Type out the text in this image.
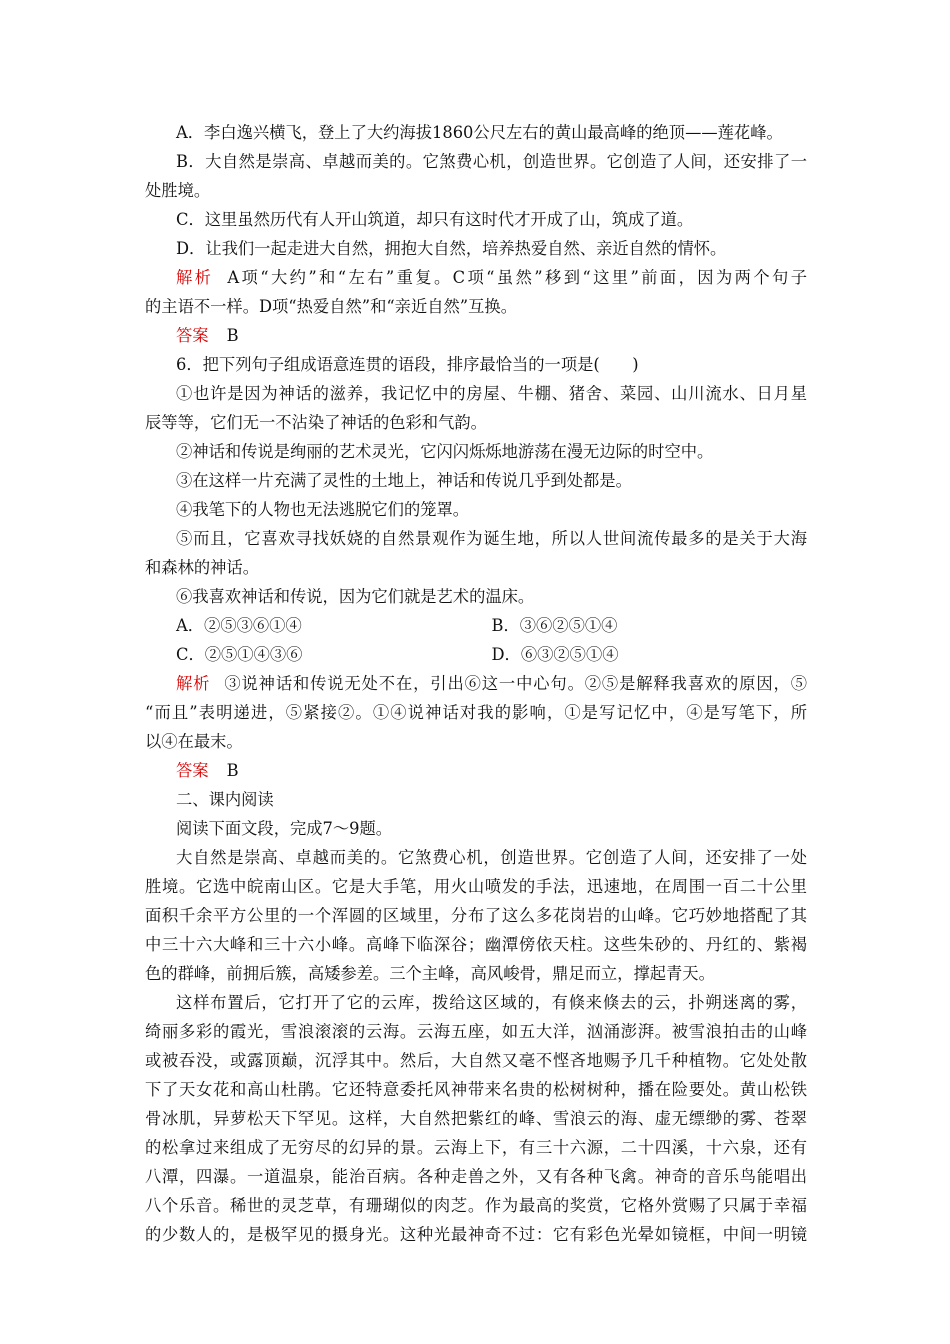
A．李白逸兴横飞，登上了大约海拔1860公尺左右的黄山最高峰的绝顶——莲花峰。

B．大自然是崇高、卓越而美的。它煞费心机，创造世界。它创造了人间，还安排了一

处胜境。

C．这里虽然历代有人开山筑道，却只有这时代才开成了山，筑成了道。

D．让我们一起走进大自然，拥抱大自然，培养热爱自然、亲近自然的情怀。

解析 A项“大约”和“左右”重复。C项“虽然”移到“这里”前面，因为两个句子

的主语不一样。D项“热爱自然”和“亲近自然”互换。

答案 B

6．把下列句子组成语意连贯的语段，排序最恰当的一项是(　　)

①也许是因为神话的滋养，我记忆中的房屋、牛棚、猪舍、菜园、山川流水、日月星

辰等等，它们无一不沾染了神话的色彩和气韵。

②神话和传说是绚丽的艺术灵光，它闪闪烁烁地游荡在漫无边际的时空中。

③在这样一片充满了灵性的土地上，神话和传说几乎到处都是。

④我笔下的人物也无法逃脱它们的笼罩。

⑤而且，它喜欢寻找妖娆的自然景观作为诞生地，所以人世间流传最多的是关于大海

和森林的神话。

⑥我喜欢神话和传说，因为它们就是艺术的温床。

A．②⑤③⑥①④	B．③⑥②⑤①④
C．②⑤①④③⑥	D．⑥③②⑤①④

解析 ③说神话和传说无处不在，引出⑥这一中心句。②⑤是解释我喜欢的原因，⑤

“而且”表明递进，⑤紧接②。①④说神话对我的影响，①是写记忆中，④是写笔下，所

以④在最末。

答案 B

二、课内阅读

阅读下面文段，完成7～9题。

大自然是崇高、卓越而美的。它煞费心机，创造世界。它创造了人间，还安排了一处

胜境。它选中皖南山区。它是大手笔，用火山喷发的手法，迅速地，在周围一百二十公里

面积千余平方公里的一个浑圆的区域里，分布了这么多花岗岩的山峰。它巧妙地搭配了其

中三十六大峰和三十六小峰。高峰下临深谷；幽潭傍依天柱。这些朱砂的、丹红的、紫褐

色的群峰，前拥后簇，高矮参差。三个主峰，高风峻骨，鼎足而立，撑起青天。

这样布置后，它打开了它的云库，拨给这区域的，有倏来倏去的云，扑朔迷离的雾，

绮丽多彩的霞光，雪浪滚滚的云海。云海五座，如五大洋，汹涌澎湃。被雪浪拍击的山峰

或被吞没，或露顶巅，沉浮其中。然后，大自然又毫不悭吝地赐予几千种植物。它处处散

下了天女花和高山杜鹃。它还特意委托风神带来名贵的松树树种，播在险要处。黄山松铁

骨冰肌，异萝松天下罕见。这样，大自然把紫红的峰、雪浪云的海、虚无缥缈的雾、苍翠

的松拿过来组成了无穷尽的幻异的景。云海上下，有三十六源，二十四溪，十六泉，还有

八潭，四瀑。一道温泉，能治百病。各种走兽之外，又有各种飞禽。神奇的音乐鸟能唱出

八个乐音。稀世的灵芝草，有珊瑚似的肉芝。作为最高的奖赏，它格外赏赐了只属于幸福

的少数人的，是极罕见的摄身光。这种光最神奇不过：它有彩色光晕如镜框，中间一明镜
